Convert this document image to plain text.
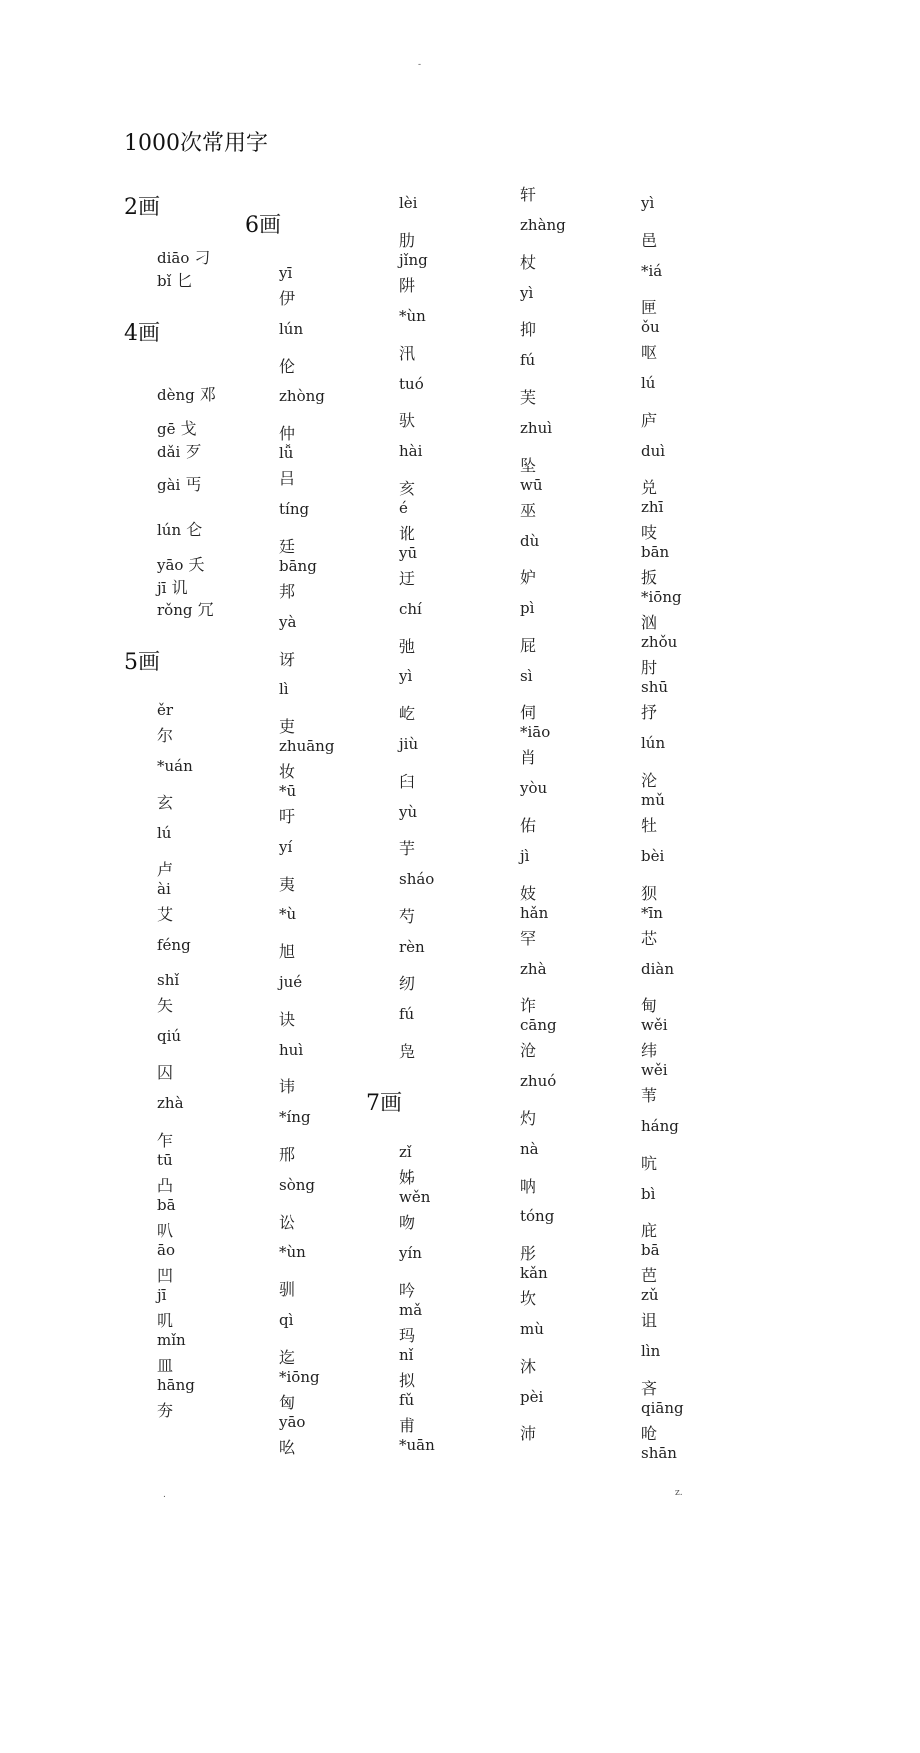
-
1000次常用字
2画
6画
4画
5画
7画
diāo 刁
bǐ 匕
dèng 邓
gē 戈
dǎi 歹
gài 丐
lún 仑
yāo 夭
jī 讥
rǒng 冗
ěr
尔
*uán
玄
lú
卢
ài
艾
féng
shǐ
矢
qiú
囚
zhà
乍
tū
凸
bā
叭
āo
凹
jī
叽
mǐn
皿
hāng
夯
yī
伊
lún
伦
zhòng
仲
lǚ
吕
tíng
廷
bāng
邦
yà
讶
lì
吏
zhuāng
妆
*ū
吁
yí
夷
*ù
旭
jué
诀
huì
讳
*íng
邢
sòng
讼
*ùn
驯
qì
迄
*iōng
匈
yāo
吆
lèi
肋
jǐng
阱
*ùn
汛
tuó
驮
hài
亥
é
讹
yū
迂
chí
弛
yì
屹
jiù
臼
yù
芋
sháo
芍
rèn
纫
fú
凫
zǐ
姊
wěn
吻
yín
吟
mǎ
玛
nǐ
拟
fǔ
甫
*uān
轩
zhàng
杖
yì
抑
fú
芙
zhuì
坠
wū
巫
dù
妒
pì
屁
sì
伺
*iāo
肖
yòu
佑
jì
妓
hǎn
罕
zhà
诈
cāng
沧
zhuó
灼
nà
呐
tóng
彤
kǎn
坎
mù
沐
pèi
沛
yì
邑
*iá
匣
ǒu
呕
lú
庐
duì
兑
zhī
吱
bān
扳
*iōng
汹
zhǒu
肘
shū
抒
lún
沦
mǔ
牡
bèi
狈
*īn
芯
diàn
甸
wěi
纬
wěi
苇
háng
吭
bì
庇
bā
芭
zǔ
诅
lìn
吝
qiāng
呛
shān
.	z.
